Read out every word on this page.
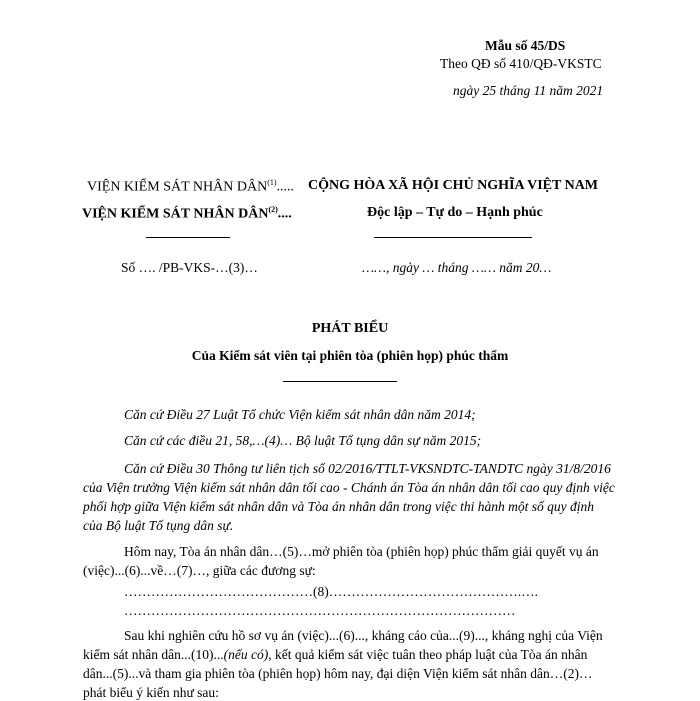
Mẫu số 45/DS
Theo QĐ số 410/QĐ-VKSTC
ngày 25 tháng 11 năm 2021
VIỆN KIỂM SÁT NHÂN DÂN$^{(1)}$.....
VIỆN KIỂM SÁT NHÂN DÂN$^{(2)}$....
Số …. /PB-VKS-…(3)…
CỘNG HÒA XÃ HỘI CHỦ NGHĨA VIỆT NAM
Độc lập – Tự do – Hạnh phúc
……, ngày … tháng …… năm 20…
PHÁT BIỂU
Của Kiểm sát viên tại phiên tòa (phiên họp) phúc thẩm
Căn cứ Điều 27 Luật Tổ chức Viện kiểm sát nhân dân năm 2014;
Căn cứ các điều 21, 58,…(4)… Bộ luật Tố tụng dân sự năm 2015;
Căn cứ Điều 30 Thông tư liên tịch số 02/2016/TTLT-VKSNDTC-TANDTC ngày 31/8/2016
của Viện trưởng Viện kiểm sát nhân dân tối cao - Chánh án Tòa án nhân dân tối cao quy định việc
phối hợp giữa Viện kiểm sát nhân dân và Tòa án nhân dân trong việc thi hành một số quy định
của Bộ luật Tố tụng dân sự.
Hôm nay, Tòa án nhân dân…(5)…mở phiên tòa (phiên họp) phúc thẩm giải quyết vụ án
(việc)...(6)...về…(7)…, giữa các đương sự:
……………………………………(8)…………………………………….….
……………………………………………………………………………
Sau khi nghiên cứu hồ sơ vụ án (việc)...(6)..., kháng cáo của...(9)..., kháng nghị của Viện
kiểm sát nhân dân...(10)...(nếu có), kết quả kiểm sát việc tuân theo pháp luật của Tòa án nhân
dân...(5)...và tham gia phiên tòa (phiên họp) hôm nay, đại diện Viện kiểm sát nhân dân…(2)…
phát biểu ý kiến như sau:
